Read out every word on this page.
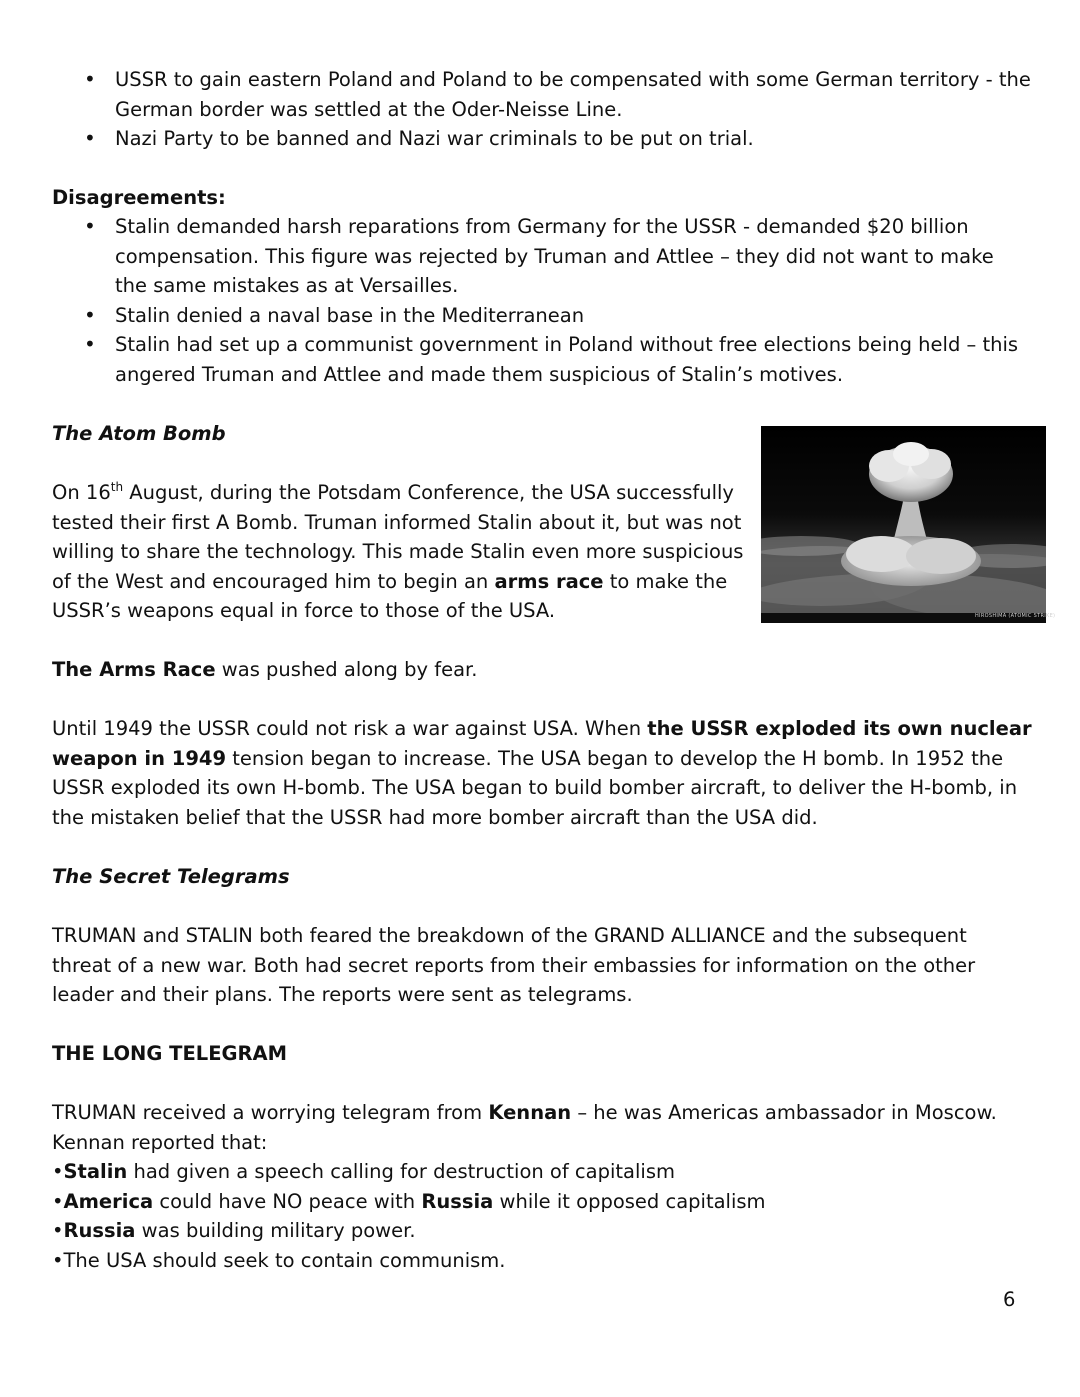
• USSR to gain eastern Poland and Poland to be compensated with some German territory - the German border was settled at the Oder-Neisse Line.
• Nazi Party to be banned and Nazi war criminals to be put on trial.

Disagreements:

• Stalin demanded harsh reparations from Germany for the USSR - demanded $20 billion compensation. This figure was rejected by Truman and Attlee – they did not want to make the same mistakes as at Versailles.
• Stalin denied a naval base in the Mediterranean
• Stalin had set up a communist government in Poland without free elections being held – this angered Truman and Attlee and made them suspicious of Stalin’s motives.

The Atom Bomb

On 16th August, during the Potsdam Conference, the USA successfully tested their first A Bomb. Truman informed Stalin about it, but was not willing to share the technology. This made Stalin even more suspicious of the West and encouraged him to begin an arms race to make the USSR’s weapons equal in force to those of the USA.	HIROSHIMA (ATOMIC STRIKE)

The Arms Race was pushed along by fear.

Until 1949 the USSR could not risk a war against USA. When the USSR exploded its own nuclear weapon in 1949 tension began to increase. The USA began to develop the H bomb. In 1952 the USSR exploded its own H-bomb. The USA began to build bomber aircraft, to deliver the H-bomb, in the mistaken belief that the USSR had more bomber aircraft than the USA did.

The Secret Telegrams

TRUMAN and STALIN both feared the breakdown of the GRAND ALLIANCE and the subsequent threat of a new war. Both had secret reports from their embassies for information on the other leader and their plans. The reports were sent as telegrams.

THE LONG TELEGRAM

TRUMAN received a worrying telegram from Kennan – he was Americas ambassador in Moscow.
Kennan reported that:
•Stalin had given a speech calling for destruction of capitalism
•America could have NO peace with Russia while it opposed capitalism
•Russia was building military power.
•The USA should seek to contain communism.

6
